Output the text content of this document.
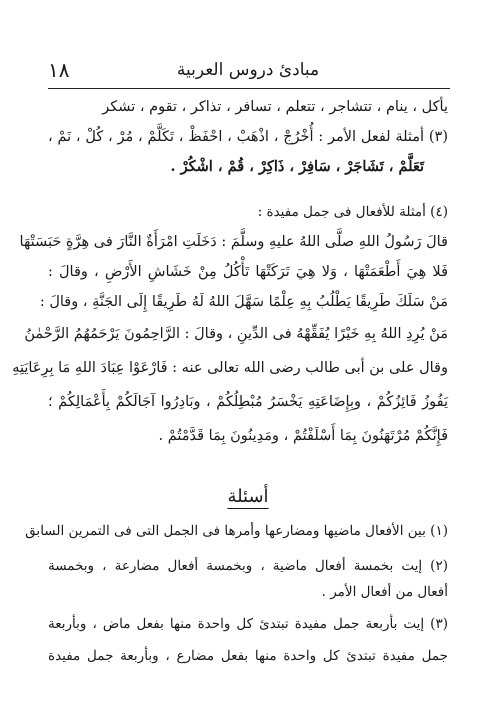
١٨	مبادئ دروس العربية
يأكل ، ينام ، تتشاجر ، تتعلم ، تسافر ، تذاكر ، تقوم ، تشكر
(٣) أمثلة لفعل الأمر : أُخْرُجْ ، اذْهَبْ ، احْفَظْ ، تَكَلَّمْ ، مُرْ ، كُلْ ، نَمْ ،
تَعَلَّمْ ، تَشَاجَرْ ، سَافِرْ ، ذَاكِرْ ، قُمْ ، اشْكُرْ .
(٤) أمثلة للأفعال فى جمل مفيدة :
قالَ رَسُولُ اللهِ صلَّى اللهُ عليهِ وسلَّمَ : دَخَلَتِ امْرَأَةٌ النَّارَ فى هِرَّةٍ حَبَسَتْهَا
فَلا هِيَ أَطْعَمَتْهَا ، وَلا هِيَ تَرَكَتْهَا تَأْكُلُ مِنْ خَشَاشِ الأَرْضِ ، وقالَ :
مَنْ سَلَكَ طَرِيقًا يَطْلُبُ بِهِ عِلْمًا سَهَّلَ اللهُ لَهُ طَرِيقًا إِلَى الجَنَّةِ ، وقالَ :
مَنْ يُرِدِ اللهُ بِهِ خَيْرًا يُفَقِّهْهُ فى الدِّينِ ، وقالَ : الرَّاحِمُونَ يَرْحَمُهُمُ الرَّحْمٰنُ
وقال على بن أبى طالب رضى الله تعالى عنه : فَارْعَوْا عِبَادَ اللهِ مَا بِرِعَايَتِهِ
يَفُوزُ فَائِزُكُمْ ، وبِإِضَاعَتِهِ يَخْسَرُ مُبْطِلُكُمْ ، وبَادِرُوا آجَالَكُمْ بِأَعْمَالِكُمْ ؛
فَإِنَّكُمْ مُرْتَهَنُونَ بِمَا أَسْلَفْتُمْ ، ومَدِينُونَ بِمَا قَدَّمْتُمْ .
أسئلة
(١) بين الأفعال ماضيها ومضارعها وأمرها فى الجمل التى فى التمرين السابق
(٢) إيت بخمسة أفعال ماضية ، وبخمسة أفعال مضارعة ، وبخمسة
أفعال من أفعال الأمر .
(٣) إيت بأربعة جمل مفيدة تبتدئ كل واحدة منها بفعل ماض ، وبأربعة
جمل مفيدة تبتدئ كل واحدة منها بفعل مضارع ، وبأربعة جمل مفيدة
